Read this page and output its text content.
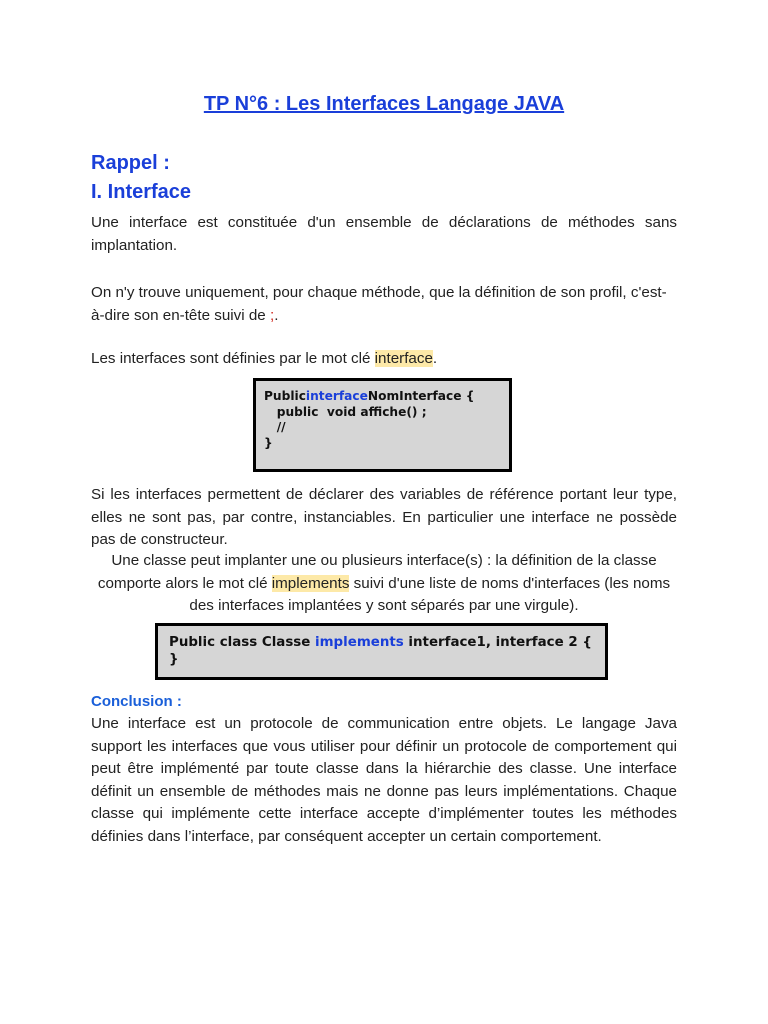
TP N°6 : Les Interfaces Langage JAVA
Rappel :
I. Interface
Une interface est constituée d'un ensemble de déclarations de méthodes sans implantation.
On n'y trouve uniquement, pour chaque méthode, que la définition de son profil, c'est-à-dire son en-tête suivi de ;.
Les interfaces sont définies par le mot clé interface.
PublicinterfaceNomInterface {
public  void affiche() ;
//
}
Si les interfaces permettent de déclarer des variables de référence portant leur type, elles ne sont pas, par contre, instanciables. En particulier une interface ne possède pas de constructeur.
Une classe peut implanter une ou plusieurs interface(s) : la définition de la classe comporte alors le mot clé implements suivi d'une liste de noms d'interfaces (les noms des interfaces implantées y sont séparés par une virgule).
Public class Classe implements interface1, interface 2 {
}
Conclusion :
Une interface est un protocole de communication entre objets. Le langage Java support les interfaces que vous utiliser pour définir un protocole de comportement qui peut être implémenté par toute classe dans la hiérarchie des classe. Une interface définit un ensemble de méthodes mais ne donne pas leurs implémentations. Chaque classe qui implémente cette interface accepte d’implémenter toutes les méthodes définies dans l’interface, par conséquent accepter un certain comportement.
